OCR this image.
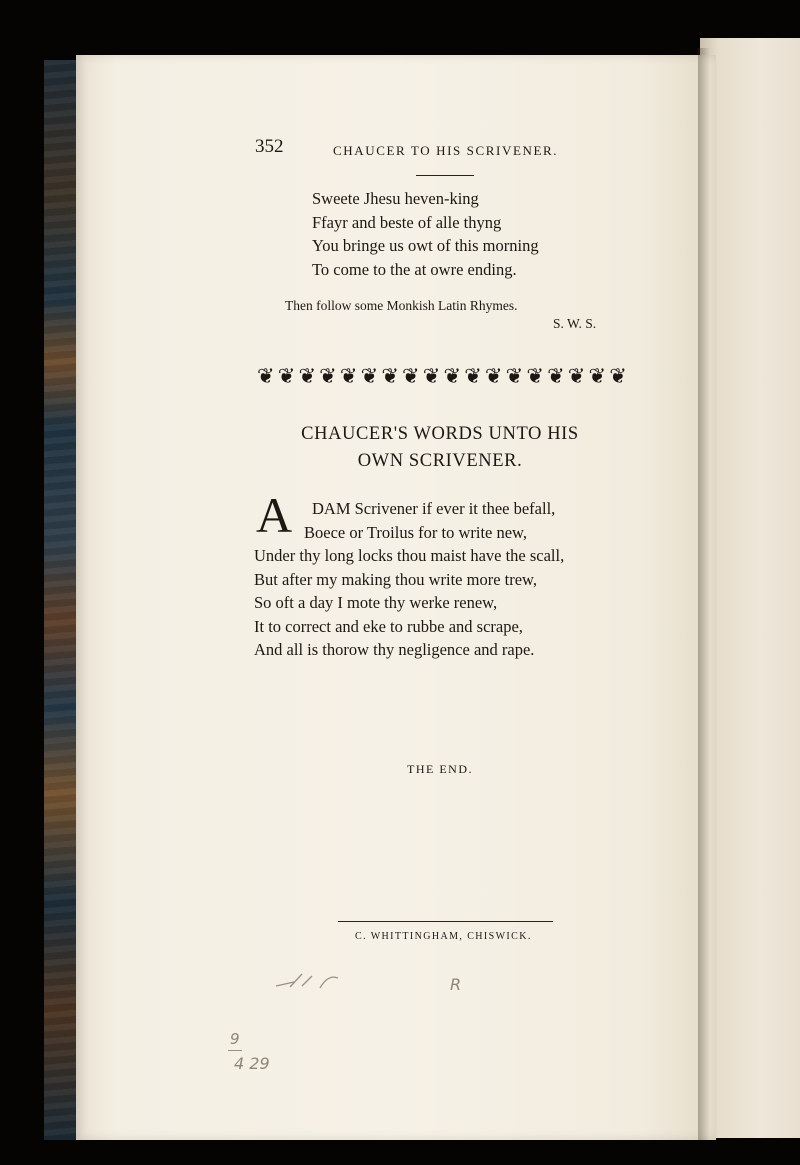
352	CHAUCER TO HIS SCRIVENER.
Sweete Jhesu heven-king
Ffayr and beste of alle thyng
You bringe us owt of this morning
To come to the at owre ending.
Then follow some Monkish Latin Rhymes.
S. W. S.
❦ ❦ ❦ ❦ ❦ ❦ ❦ ❦ ❦ ❦ ❦ ❦ ❦ ❦ ❦ ❦ ❦ ❦
CHAUCER'S WORDS UNTO HIS
OWN SCRIVENER.
A	DAM Scrivener if ever it thee befall,
Boece or Troilus for to write new,
Under thy long locks thou maist have the scall,
But after my making thou write more trew,
So oft a day I mote thy werke renew,
It to correct and eke to rubbe and scrape,
And all is thorow thy negligence and rape.
THE END.
C. WHITTINGHAM, CHISWICK.
R
9
4 29
